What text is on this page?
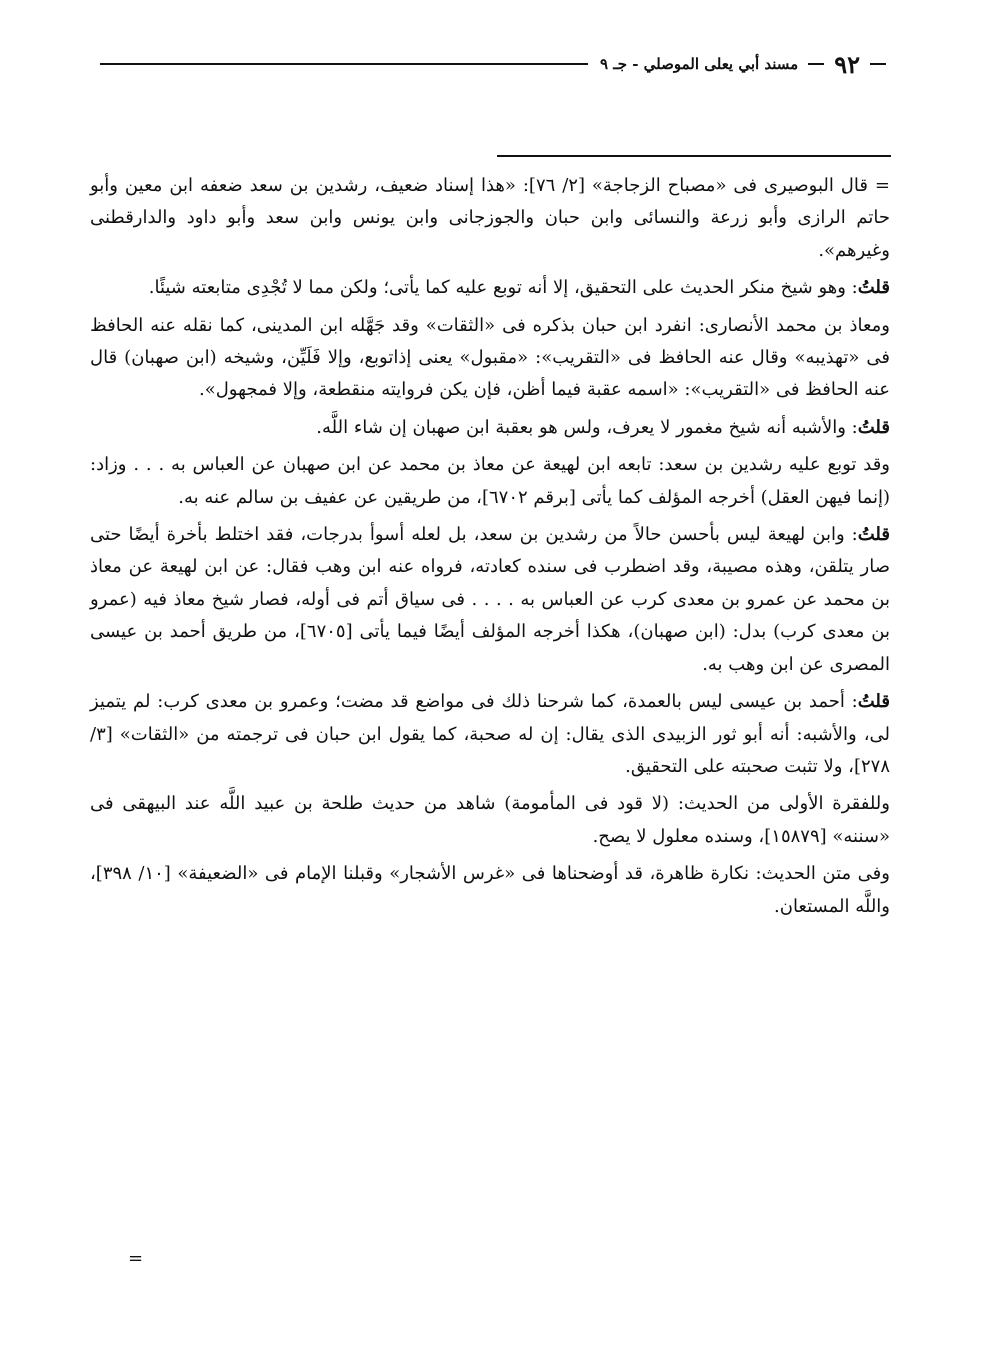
٩٢
مسند أبي يعلى الموصلي - جـ ٩

= قال البوصيرى فى «مصباح الزجاجة» [٢/ ٧٦]: «هذا إسناد ضعيف، رشدين بن سعد ضعفه ابن معين وأبو حاتم الرازى وأبو زرعة والنسائى وابن حبان والجوزجانى وابن يونس وابن سعد وأبو داود والدارقطنى وغيرهم».

قلتُ: وهو شيخ منكر الحديث على التحقيق، إلا أنه توبع عليه كما يأتى؛ ولكن مما لا تُجْدِى متابعته شيئًا.

ومعاذ بن محمد الأنصارى: انفرد ابن حبان بذكره فى «الثقات» وقد جَهَّله ابن المدينى، كما نقله عنه الحافظ فى «تهذيبه» وقال عنه الحافظ فى «التقريب»: «مقبول» يعنى إذاتوبع، وإلا فَلَيِّن، وشيخه (ابن صهبان) قال عنه الحافظ فى «التقريب»: «اسمه عقبة فيما أظن، فإن يكن فروايته منقطعة، وإلا فمجهول».

قلتُ: والأشبه أنه شيخ مغمور لا يعرف، ولس هو بعقبة ابن صهبان إن شاء اللَّه.

وقد توبع عليه رشدين بن سعد: تابعه ابن لهيعة عن معاذ بن محمد عن ابن صهبان عن العباس به . . . وزاد: (إنما فيهن العقل) أخرجه المؤلف كما يأتى [برقم ٦٧٠٢]، من طريقين عن عفيف بن سالم عنه به.

قلتُ: وابن لهيعة ليس بأحسن حالاً من رشدين بن سعد، بل لعله أسوأ بدرجات، فقد اختلط بأخرة أيضًا حتى صار يتلقن، وهذه مصيبة، وقد اضطرب فى سنده كعادته، فرواه عنه ابن وهب فقال: عن ابن لهيعة عن معاذ بن محمد عن عمرو بن معدى كرب عن العباس به . . . . فى سياق أتم فى أوله، فصار شيخ معاذ فيه (عمرو بن معدى كرب) بدل: (ابن صهبان)، هكذا أخرجه المؤلف أيضًا فيما يأتى [٦٧٠٥]، من طريق أحمد بن عيسى المصرى عن ابن وهب به.

قلتُ: أحمد بن عيسى ليس بالعمدة، كما شرحنا ذلك فى مواضع قد مضت؛ وعمرو بن معدى كرب: لم يتميز لى، والأشبه: أنه أبو ثور الزبيدى الذى يقال: إن له صحبة، كما يقول ابن حبان فى ترجمته من «الثقات» [٣/ ٢٧٨]، ولا تثبت صحبته على التحقيق.

وللفقرة الأولى من الحديث: (لا قود فى المأمومة) شاهد من حديث طلحة بن عبيد اللَّه عند البيهقى فى «سننه» [١٥٨٧٩]، وسنده معلول لا يصح.

وفى متن الحديث: نكارة ظاهرة، قد أوضحناها فى «غرس الأشجار» وقبلنا الإمام فى «الضعيفة» [١٠/ ٣٩٨]، واللَّه المستعان.

=
